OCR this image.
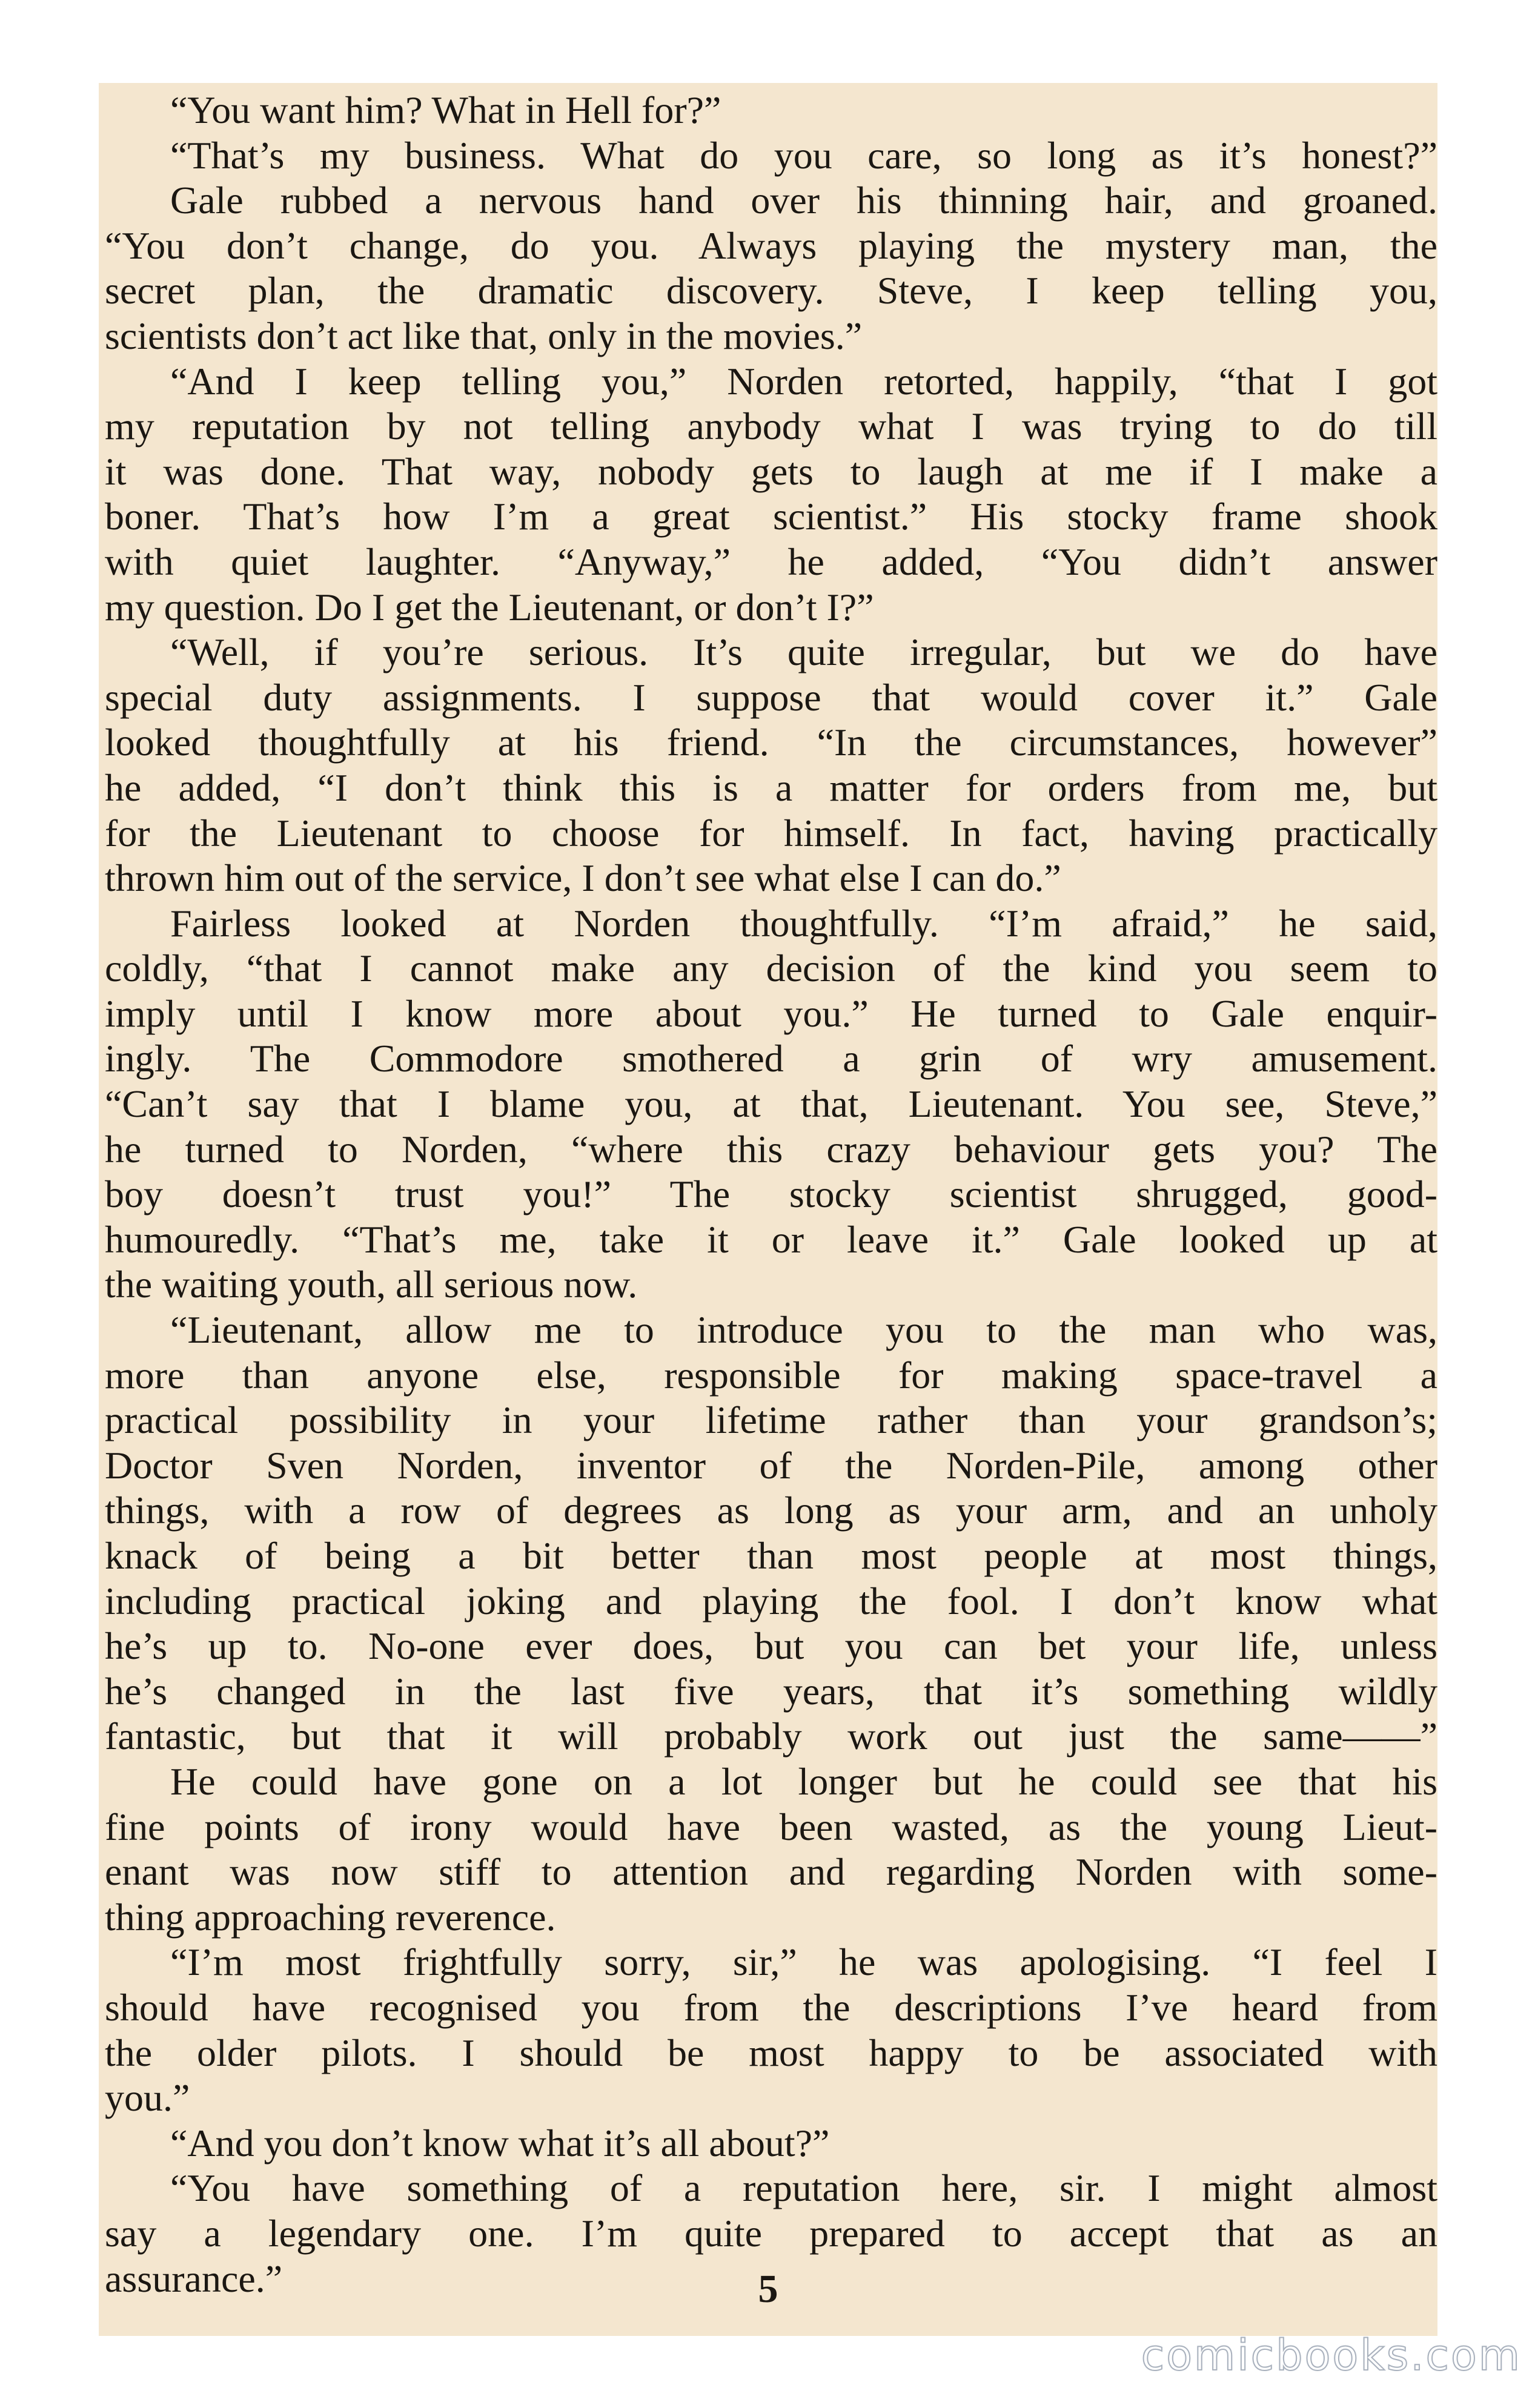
“You want him? What in Hell for?”
“That’s my business. What do you care, so long as it’s honest?”
Gale rubbed a nervous hand over his thinning hair, and groaned.
“You don’t change, do you. Always playing the mystery man, the
secret plan, the dramatic discovery. Steve, I keep telling you,
scientists don’t act like that, only in the movies.”
“And I keep telling you,” Norden retorted, happily, “that I got
my reputation by not telling anybody what I was trying to do till
it was done. That way, nobody gets to laugh at me if I make a
boner. That’s how I’m a great scientist.” His stocky frame shook
with quiet laughter. “Anyway,” he added, “You didn’t answer
my question. Do I get the Lieutenant, or don’t I?”
“Well, if you’re serious. It’s quite irregular, but we do have
special duty assignments. I suppose that would cover it.” Gale
looked thoughtfully at his friend. “In the circumstances, however”
he added, “I don’t think this is a matter for orders from me, but
for the Lieutenant to choose for himself. In fact, having practically
thrown him out of the service, I don’t see what else I can do.”
Fairless looked at Norden thoughtfully. “I’m afraid,” he said,
coldly, “that I cannot make any decision of the kind you seem to
imply until I know more about you.” He turned to Gale enquir-
ingly. The Commodore smothered a grin of wry amusement.
“Can’t say that I blame you, at that, Lieutenant. You see, Steve,”
he turned to Norden, “where this crazy behaviour gets you? The
boy doesn’t trust you!” The stocky scientist shrugged, good-
humouredly. “That’s me, take it or leave it.” Gale looked up at
the waiting youth, all serious now.
“Lieutenant, allow me to introduce you to the man who was,
more than anyone else, responsible for making space-travel a
practical possibility in your lifetime rather than your grandson’s;
Doctor Sven Norden, inventor of the Norden-Pile, among other
things, with a row of degrees as long as your arm, and an unholy
knack of being a bit better than most people at most things,
including practical joking and playing the fool. I don’t know what
he’s up to. No-one ever does, but you can bet your life, unless
he’s changed in the last five years, that it’s something wildly
fantastic, but that it will probably work out just the same——”
He could have gone on a lot longer but he could see that his
fine points of irony would have been wasted, as the young Lieut-
enant was now stiff to attention and regarding Norden with some-
thing approaching reverence.
“I’m most frightfully sorry, sir,” he was apologising. “I feel I
should have recognised you from the descriptions I’ve heard from
the older pilots. I should be most happy to be associated with
you.”
“And you don’t know what it’s all about?”
“You have something of a reputation here, sir. I might almost
say a legendary one. I’m quite prepared to accept that as an
assurance.”	5
comicbooks.com
